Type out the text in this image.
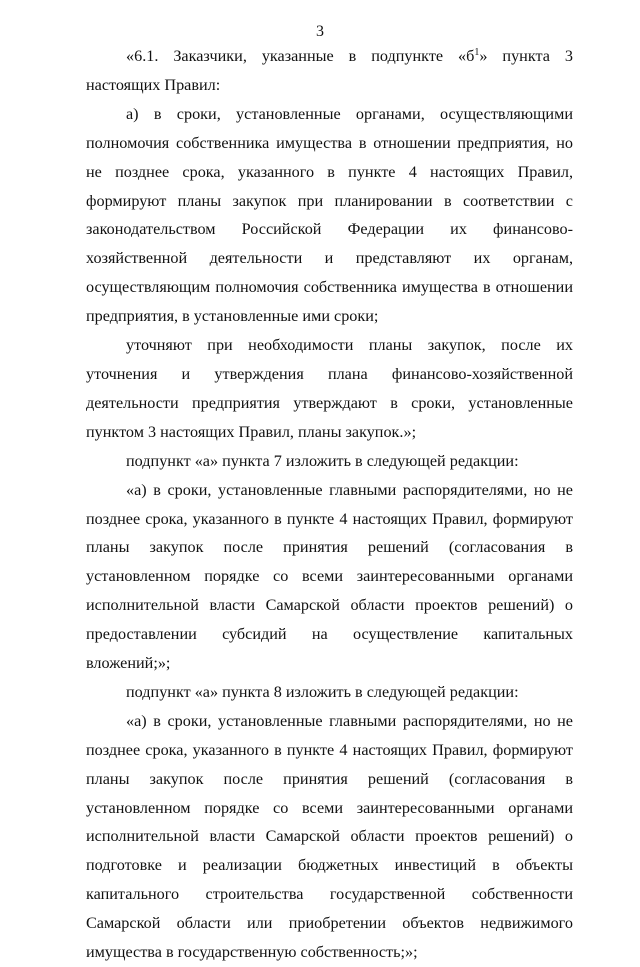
3

«6.1. Заказчики, указанные в подпункте «$б^1$» пункта 3 настоящих Правил:

а) в сроки, установленные органами, осуществляющими полномочия собственника имущества в отношении предприятия, но не позднее срока, указанного в пункте 4 настоящих Правил, формируют планы закупок при планировании в соответствии с законодательством Российской Федерации их финансово-хозяйственной деятельности и представляют их органам, осуществляющим полномочия собственника имущества в отношении предприятия, в установленные ими сроки;

уточняют при необходимости планы закупок, после их уточнения и утверждения плана финансово-хозяйственной деятельности предприятия утверждают в сроки, установленные пунктом 3 настоящих Правил, планы закупок.»;

подпункт «а» пункта 7 изложить в следующей редакции:

«а) в сроки, установленные главными распорядителями, но не позднее срока, указанного в пункте 4 настоящих Правил, формируют планы закупок после принятия решений (согласования в установленном порядке со всеми заинтересованными органами исполнительной власти Самарской области проектов решений) о предоставлении субсидий на осуществление капитальных вложений;»;

подпункт «а» пункта 8 изложить в следующей редакции:

«а) в сроки, установленные главными распорядителями, но не позднее срока, указанного в пункте 4 настоящих Правил, формируют планы закупок после принятия решений (согласования в установленном порядке со всеми заинтересованными органами исполнительной власти Самарской области проектов решений) о подготовке и реализации бюджетных инвестиций в объекты капитального строительства государственной собственности Самарской области или приобретении объектов недвижимого имущества в государственную собственность;»;
